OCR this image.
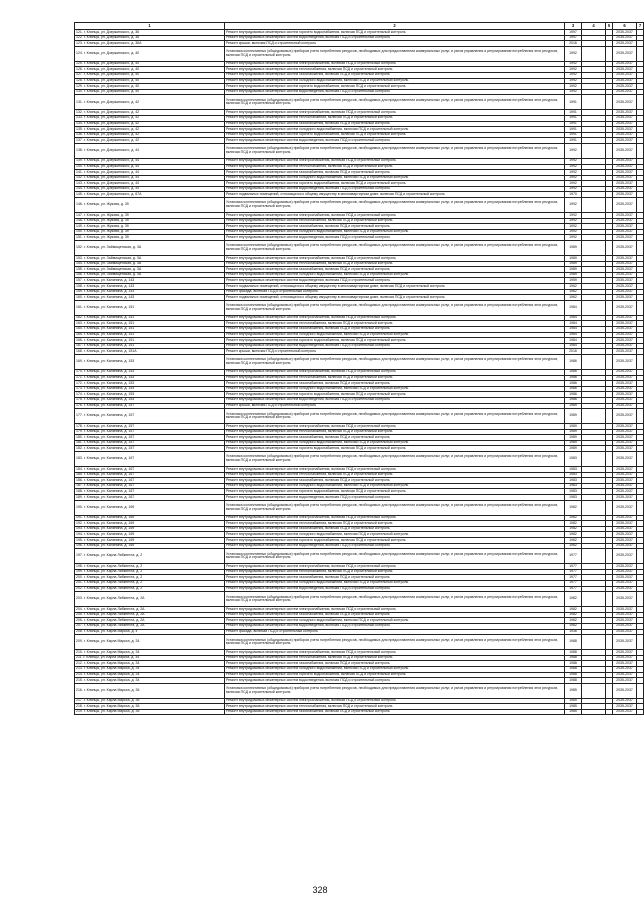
1	2	3	4	5	6	7
121. г. Клинцы, ул. Дзержинского, д. 36	Ремонт внутридомовых инженерных систем горячего водоснабжения, включая ПСД и строительный контроль	1997			2035-2037	
122. г. Клинцы, ул. Дзержинского, д. 36	Ремонт внутридомовых инженерных систем водоотведения, включая ПСД и строительный контроль	1997			2035-2037	
123. г. Клинцы, ул. Дзержинского, д. 36А	Ремонт крыши, включая ПСД и строительный контроль	2016			2035-2037	
124. г. Клинцы, ул. Дзержинского, д. 40	Установка коллективных (общедомовых) приборов учета потребления ресурсов, необходимых для предоставления коммунальных услуг, и узлов управления и регулирования потребления этих ресурсов, включая ПСД и строительный контроль	1992			2035-2037	
125. г. Клинцы, ул. Дзержинского, д. 40	Ремонт внутридомовых инженерных систем электроснабжения, включая ПСД и строительный контроль	1992			2035-2037	
126. г. Клинцы, ул. Дзержинского, д. 40	Ремонт внутридомовых инженерных систем теплоснабжения, включая ПСД и строительный контроль	1992			2035-2037	
127. г. Клинцы, ул. Дзержинского, д. 40	Ремонт внутридомовых инженерных систем газоснабжения, включая ПСД и строительный контроль	1992			2035-2037	
128. г. Клинцы, ул. Дзержинского, д. 40	Ремонт внутридомовых инженерных систем холодного водоснабжения, включая ПСД и строительный контроль	1992			2035-2037	
129. г. Клинцы, ул. Дзержинского, д. 40	Ремонт внутридомовых инженерных систем горячего водоснабжения, включая ПСД и строительный контроль	1992			2035-2037	
130. г. Клинцы, ул. Дзержинского, д. 40	Ремонт внутридомовых инженерных систем водоотведения, включая ПСД и строительный контроль	1992			2035-2037	
131. г. Клинцы, ул. Дзержинского, д. 42	Установка коллективных (общедомовых) приборов учета потребления ресурсов, необходимых для предоставления коммунальных услуг, и узлов управления и регулирования потребления этих ресурсов, включая ПСД и строительный контроль	1991			2035-2037	
132. г. Клинцы, ул. Дзержинского, д. 42	Ремонт внутридомовых инженерных систем электроснабжения, включая ПСД и строительный контроль	1991			2035-2037	
133. г. Клинцы, ул. Дзержинского, д. 42	Ремонт внутридомовых инженерных систем теплоснабжения, включая ПСД и строительный контроль	1991			2035-2037	
134. г. Клинцы, ул. Дзержинского, д. 42	Ремонт внутридомовых инженерных систем газоснабжения, включая ПСД и строительный контроль	1991			2035-2037	
135. г. Клинцы, ул. Дзержинского, д. 42	Ремонт внутридомовых инженерных систем холодного водоснабжения, включая ПСД и строительный контроль	1991			2035-2037	
136. г. Клинцы, ул. Дзержинского, д. 42	Ремонт внутридомовых инженерных систем горячего водоснабжения, включая ПСД и строительный контроль	1991			2035-2037	
137. г. Клинцы, ул. Дзержинского, д. 42	Ремонт внутридомовых инженерных систем водоотведения, включая ПСД и строительный контроль	1991			2035-2037	
138. г. Клинцы, ул. Дзержинского, д. 44	Установка коллективных (общедомовых) приборов учета потребления ресурсов, необходимых для предоставления коммунальных услуг, и узлов управления и регулирования потребления этих ресурсов, включая ПСД и строительный контроль	1992			2035-2037	
139. г. Клинцы, ул. Дзержинского, д. 44	Ремонт внутридомовых инженерных систем электроснабжения, включая ПСД и строительный контроль	1992			2035-2037	
140. г. Клинцы, ул. Дзержинского, д. 44	Ремонт внутридомовых инженерных систем теплоснабжения, включая ПСД и строительный контроль	1992			2035-2037	
141. г. Клинцы, ул. Дзержинского, д. 44	Ремонт внутридомовых инженерных систем газоснабжения, включая ПСД и строительный контроль	1992			2035-2037	
142. г. Клинцы, ул. Дзержинского, д. 44	Ремонт внутридомовых инженерных систем холодного водоснабжения, включая ПСД и строительный контроль	1992			2035-2037	
143. г. Клинцы, ул. Дзержинского, д. 44	Ремонт внутридомовых инженерных систем горячего водоснабжения, включая ПСД и строительный контроль	1992			2035-2037	
144. г. Клинцы, ул. Дзержинского, д. 44	Ремонт внутридомовых инженерных систем водоотведения, включая ПСД и строительный контроль	1992			2035-2037	
145. г. Клинцы, ул. Дзержинского, д. 67А	Ремонт подвальных помещений, относящихся к общему имуществу в многоквартирном доме, включая ПСД и строительный контроль	1970			2035-2037	
146. г. Клинцы, ул. Жукова, д. 39	Установка коллективных (общедомовых) приборов учета потребления ресурсов, необходимых для предоставления коммунальных услуг, и узлов управления и регулирования потребления этих ресурсов, включая ПСД и строительный контроль	1992			2035-2037	
147. г. Клинцы, ул. Жукова, д. 39	Ремонт внутридомовых инженерных систем электроснабжения, включая ПСД и строительный контроль	1992			2035-2037	
148. г. Клинцы, ул. Жукова, д. 39	Ремонт внутридомовых инженерных систем теплоснабжения, включая ПСД и строительный контроль	1992			2035-2037	
149. г. Клинцы, ул. Жукова, д. 39	Ремонт внутридомовых инженерных систем газоснабжения, включая ПСД и строительный контроль	1992			2035-2037	
150. г. Клинцы, ул. Жукова, д. 39	Ремонт внутридомовых инженерных систем холодного водоснабжения, включая ПСД и строительный контроль	1992			2035-2037	
151. г. Клинцы, ул. Жукова, д. 39	Ремонт внутридомовых инженерных систем водоотведения, включая ПСД и строительный контроль	1992			2035-2037	
152. г. Клинцы, ул. Займищенская, д. 3А	Установка коллективных (общедомовых) приборов учета потребления ресурсов, необходимых для предоставления коммунальных услуг, и узлов управления и регулирования потребления этих ресурсов, включая ПСД и строительный контроль	1989			2035-2037	
153. г. Клинцы, ул. Займищенская, д. 3А	Ремонт внутридомовых инженерных систем электроснабжения, включая ПСД и строительный контроль	1989			2035-2037	
154. г. Клинцы, ул. Займищенская, д. 3А	Ремонт внутридомовых инженерных систем теплоснабжения, включая ПСД и строительный контроль	1989			2035-2037	
155. г. Клинцы, ул. Займищенская, д. 3А	Ремонт внутридомовых инженерных систем газоснабжения, включая ПСД и строительный контроль	1989			2035-2037	
156. г. Клинцы, ул. Займищенская, д. 3А	Ремонт внутридомовых инженерных систем холодного водоснабжения, включая ПСД и строительный контроль	1989			2035-2037	
157. г. Клинцы, ул. Калинина, д. 143	Ремонт внутридомовых инженерных систем водоотведения, включая ПСД и строительный контроль	1959			2035-2037	
158. г. Клинцы, ул. Калинина, д. 143	Ремонт подвальных помещений, относящихся к общему имуществу в многоквартирном доме, включая ПСД и строительный контроль	1962			2035-2037	
159. г. Клинцы, ул. Калинина, д. 143	Ремонт фасада, включая ПСД и строительный контроль	1962			2035-2037	
160. г. Клинцы, ул. Калинина, д. 143	Ремонт подвальных помещений, относящихся к общему имуществу в многоквартирном доме, включая ПСД и строительный контроль	1962			2035-2037	
161. г. Клинцы, ул. Калинина, д. 151	Установка коллективных (общедомовых) приборов учета потребления ресурсов, необходимых для предоставления коммунальных услуг, и узлов управления и регулирования потребления этих ресурсов, включая ПСД и строительный контроль	1984			2035-2037	
162. г. Клинцы, ул. Калинина, д. 151	Ремонт внутридомовых инженерных систем электроснабжения, включая ПСД и строительный контроль	1984			2035-2037	
163. г. Клинцы, ул. Калинина, д. 151	Ремонт внутридомовых инженерных систем теплоснабжения, включая ПСД и строительный контроль	1984			2035-2037	
164. г. Клинцы, ул. Калинина, д. 151	Ремонт внутридомовых инженерных систем газоснабжения, включая ПСД и строительный контроль	1984			2035-2037	
165. г. Клинцы, ул. Калинина, д. 151	Ремонт внутридомовых инженерных систем холодного водоснабжения, включая ПСД и строительный контроль	1984			2035-2037	
166. г. Клинцы, ул. Калинина, д. 151	Ремонт внутридомовых инженерных систем горячего водоснабжения, включая ПСД и строительный контроль	1984			2035-2037	
167. г. Клинцы, ул. Калинина, д. 151	Ремонт внутридомовых инженерных систем водоотведения, включая ПСД и строительный контроль	1984			2035-2037	
168. г. Клинцы, ул. Калинина, д. 151А	Ремонт крыши, включая ПСД и строительный контроль	2016			2035-2037	
169. г. Клинцы, ул. Калинина, д. 153	Установка коллективных (общедомовых) приборов учета потребления ресурсов, необходимых для предоставления коммунальных услуг, и узлов управления и регулирования потребления этих ресурсов, включая ПСД и строительный контроль	1986			2035-2037	
170. г. Клинцы, ул. Калинина, д. 153	Ремонт внутридомовых инженерных систем электроснабжения, включая ПСД и строительный контроль	1986			2035-2037	
171. г. Клинцы, ул. Калинина, д. 153	Ремонт внутридомовых инженерных систем теплоснабжения, включая ПСД и строительный контроль	1986			2035-2037	
172. г. Клинцы, ул. Калинина, д. 153	Ремонт внутридомовых инженерных систем газоснабжения, включая ПСД и строительный контроль	1986			2035-2037	
173. г. Клинцы, ул. Калинина, д. 153	Ремонт внутридомовых инженерных систем холодного водоснабжения, включая ПСД и строительный контроль	1986			2035-2037	
174. г. Клинцы, ул. Калинина, д. 153	Ремонт внутридомовых инженерных систем горячего водоснабжения, включая ПСД и строительный контроль	1986			2035-2037	
175. г. Клинцы, ул. Калинина, д. 153	Ремонт внутридомовых инженерных систем водоотведения, включая ПСД и строительный контроль	1986			2035-2037	
176. г. Клинцы, ул. Калинина, д. 157	Ремонт крыши, включая ПСД и строительный контроль	1989			2035-2037	
177. г. Клинцы, ул. Калинина, д. 157	Установка коллективных (общедомовых) приборов учета потребления ресурсов, необходимых для предоставления коммунальных услуг, и узлов управления и регулирования потребления этих ресурсов, включая ПСД и строительный контроль	1989			2035-2037	
178. г. Клинцы, ул. Калинина, д. 157	Ремонт внутридомовых инженерных систем электроснабжения, включая ПСД и строительный контроль	1989			2035-2037	
179. г. Клинцы, ул. Калинина, д. 157	Ремонт внутридомовых инженерных систем теплоснабжения, включая ПСД и строительный контроль	1989			2035-2037	
180. г. Клинцы, ул. Калинина, д. 157	Ремонт внутридомовых инженерных систем газоснабжения, включая ПСД и строительный контроль	1989			2035-2037	
181. г. Клинцы, ул. Калинина, д. 157	Ремонт внутридомовых инженерных систем холодного водоснабжения, включая ПСД и строительный контроль	1989			2035-2037	
182. г. Клинцы, ул. Калинина, д. 157	Ремонт внутридомовых инженерных систем горячего водоснабжения, включая ПСД и строительный контроль	1989			2035-2037	
183. г. Клинцы, ул. Калинина, д. 167	Установка коллективных (общедомовых) приборов учета потребления ресурсов, необходимых для предоставления коммунальных услуг, и узлов управления и регулирования потребления этих ресурсов, включая ПСД и строительный контроль	1983			2035-2037	
184. г. Клинцы, ул. Калинина, д. 167	Ремонт внутридомовых инженерных систем электроснабжения, включая ПСД и строительный контроль	1983			2035-2037	
185. г. Клинцы, ул. Калинина, д. 167	Ремонт внутридомовых инженерных систем теплоснабжения, включая ПСД и строительный контроль	1983			2035-2037	
186. г. Клинцы, ул. Калинина, д. 167	Ремонт внутридомовых инженерных систем газоснабжения, включая ПСД и строительный контроль	1983			2035-2037	
187. г. Клинцы, ул. Калинина, д. 167	Ремонт внутридомовых инженерных систем холодного водоснабжения, включая ПСД и строительный контроль	1983			2035-2037	
188. г. Клинцы, ул. Калинина, д. 167	Ремонт внутридомовых инженерных систем горячего водоснабжения, включая ПСД и строительный контроль	1983			2035-2037	
189. г. Клинцы, ул. Калинина, д. 167	Ремонт внутридомовых инженерных систем водоотведения, включая ПСД и строительный контроль	1983			2035-2037	
190. г. Клинцы, ул. Калинина, д. 169	Установка коллективных (общедомовых) приборов учета потребления ресурсов, необходимых для предоставления коммунальных услуг, и узлов управления и регулирования потребления этих ресурсов, включая ПСД и строительный контроль	1982			2035-2037	
191. г. Клинцы, ул. Калинина, д. 169	Ремонт внутридомовых инженерных систем электроснабжения, включая ПСД и строительный контроль	1982			2035-2037	
192. г. Клинцы, ул. Калинина, д. 169	Ремонт внутридомовых инженерных систем теплоснабжения, включая ПСД и строительный контроль	1982			2035-2037	
193. г. Клинцы, ул. Калинина, д. 169	Ремонт внутридомовых инженерных систем газоснабжения, включая ПСД и строительный контроль	1982			2035-2037	
194. г. Клинцы, ул. Калинина, д. 169	Ремонт внутридомовых инженерных систем холодного водоснабжения, включая ПСД и строительный контроль	1982			2035-2037	
195. г. Клинцы, ул. Калинина, д. 169	Ремонт внутридомовых инженерных систем горячего водоснабжения, включая ПСД и строительный контроль	1982			2035-2037	
196. г. Клинцы, ул. Калинина, д. 169	Ремонт внутридомовых инженерных систем водоотведения, включая ПСД и строительный контроль	1982			2035-2037	
197. г. Клинцы, ул. Карла Либкнехта, д. 2	Установка коллективных (общедомовых) приборов учета потребления ресурсов, необходимых для предоставления коммунальных услуг, и узлов управления и регулирования потребления этих ресурсов, включая ПСД и строительный контроль	1977			2035-2037	
198. г. Клинцы, ул. Карла Либкнехта, д. 2	Ремонт внутридомовых инженерных систем электроснабжения, включая ПСД и строительный контроль	1977			2035-2037	
199. г. Клинцы, ул. Карла Либкнехта, д. 2	Ремонт внутридомовых инженерных систем теплоснабжения, включая ПСД и строительный контроль	1977			2035-2037	
200. г. Клинцы, ул. Карла Либкнехта, д. 2	Ремонт внутридомовых инженерных систем газоснабжения, включая ПСД и строительный контроль	1977			2035-2037	
201. г. Клинцы, ул. Карла Либкнехта, д. 2	Ремонт внутридомовых инженерных систем холодного водоснабжения, включая ПСД и строительный контроль	1977			2035-2037	
202. г. Клинцы, ул. Карла Либкнехта, д. 2	Ремонт внутридомовых инженерных систем водоотведения, включая ПСД и строительный контроль	1977			2035-2037	
203. г. Клинцы, ул. Карла Либкнехта, д. 2А	Установка коллективных (общедомовых) приборов учета потребления ресурсов, необходимых для предоставления коммунальных услуг, и узлов управления и регулирования потребления этих ресурсов, включая ПСД и строительный контроль	1982			2035-2037	
204. г. Клинцы, ул. Карла Либкнехта, д. 2А	Ремонт внутридомовых инженерных систем электроснабжения, включая ПСД и строительный контроль	1982			2035-2037	
205. г. Клинцы, ул. Карла Либкнехта, д. 2А	Ремонт внутридомовых инженерных систем газоснабжения, включая ПСД и строительный контроль	1982			2035-2037	
206. г. Клинцы, ул. Карла Либкнехта, д. 2А	Ремонт внутридомовых инженерных систем холодного водоснабжения, включая ПСД и строительный контроль	1982			2035-2037	
207. г. Клинцы, ул. Карла Либкнехта, д. 2А	Ремонт внутридомовых инженерных систем водоотведения, включая ПСД и строительный контроль	1982			2035-2037	
208. г. Клинцы, ул. Карла Маркса, д. 4	Ремонт фасада, включая ПСД и строительный контроль	1936			2035-2037	
209. г. Клинцы, ул. Карла Маркса, д. 34	Установка коллективных (общедомовых) приборов учета потребления ресурсов, необходимых для предоставления коммунальных услуг, и узлов управления и регулирования потребления этих ресурсов, включая ПСД и строительный контроль	1988			2035-2037	
210. г. Клинцы, ул. Карла Маркса, д. 34	Ремонт внутридомовых инженерных систем электроснабжения, включая ПСД и строительный контроль	1988			2035-2037	
211. г. Клинцы, ул. Карла Маркса, д. 34	Ремонт внутридомовых инженерных систем теплоснабжения, включая ПСД и строительный контроль	1988			2035-2037	
212. г. Клинцы, ул. Карла Маркса, д. 34	Ремонт внутридомовых инженерных систем газоснабжения, включая ПСД и строительный контроль	1988			2035-2037	
213. г. Клинцы, ул. Карла Маркса, д. 34	Ремонт внутридомовых инженерных систем холодного водоснабжения, включая ПСД и строительный контроль	1988			2035-2037	
214. г. Клинцы, ул. Карла Маркса, д. 34	Ремонт внутридомовых инженерных систем горячего водоснабжения, включая ПСД и строительный контроль	1988			2035-2037	
215. г. Клинцы, ул. Карла Маркса, д. 34	Ремонт внутридомовых инженерных систем водоотведения, включая ПСД и строительный контроль	1988			2035-2037	
216. г. Клинцы, ул. Карла Маркса, д. 36	Установка коллективных (общедомовых) приборов учета потребления ресурсов, необходимых для предоставления коммунальных услуг, и узлов управления и регулирования потребления этих ресурсов, включая ПСД и строительный контроль	1985			2035-2037	
217. г. Клинцы, ул. Карла Маркса, д. 36	Ремонт внутридомовых инженерных систем электроснабжения, включая ПСД и строительный контроль	1985			2035-2037	
218. г. Клинцы, ул. Карла Маркса, д. 36	Ремонт внутридомовых инженерных систем теплоснабжения, включая ПСД и строительный контроль	1985			2035-2037	
219. г. Клинцы, ул. Карла Маркса, д. 36	Ремонт внутридомовых инженерных систем газоснабжения, включая ПСД и строительный контроль	1985			2035-2037	
328
